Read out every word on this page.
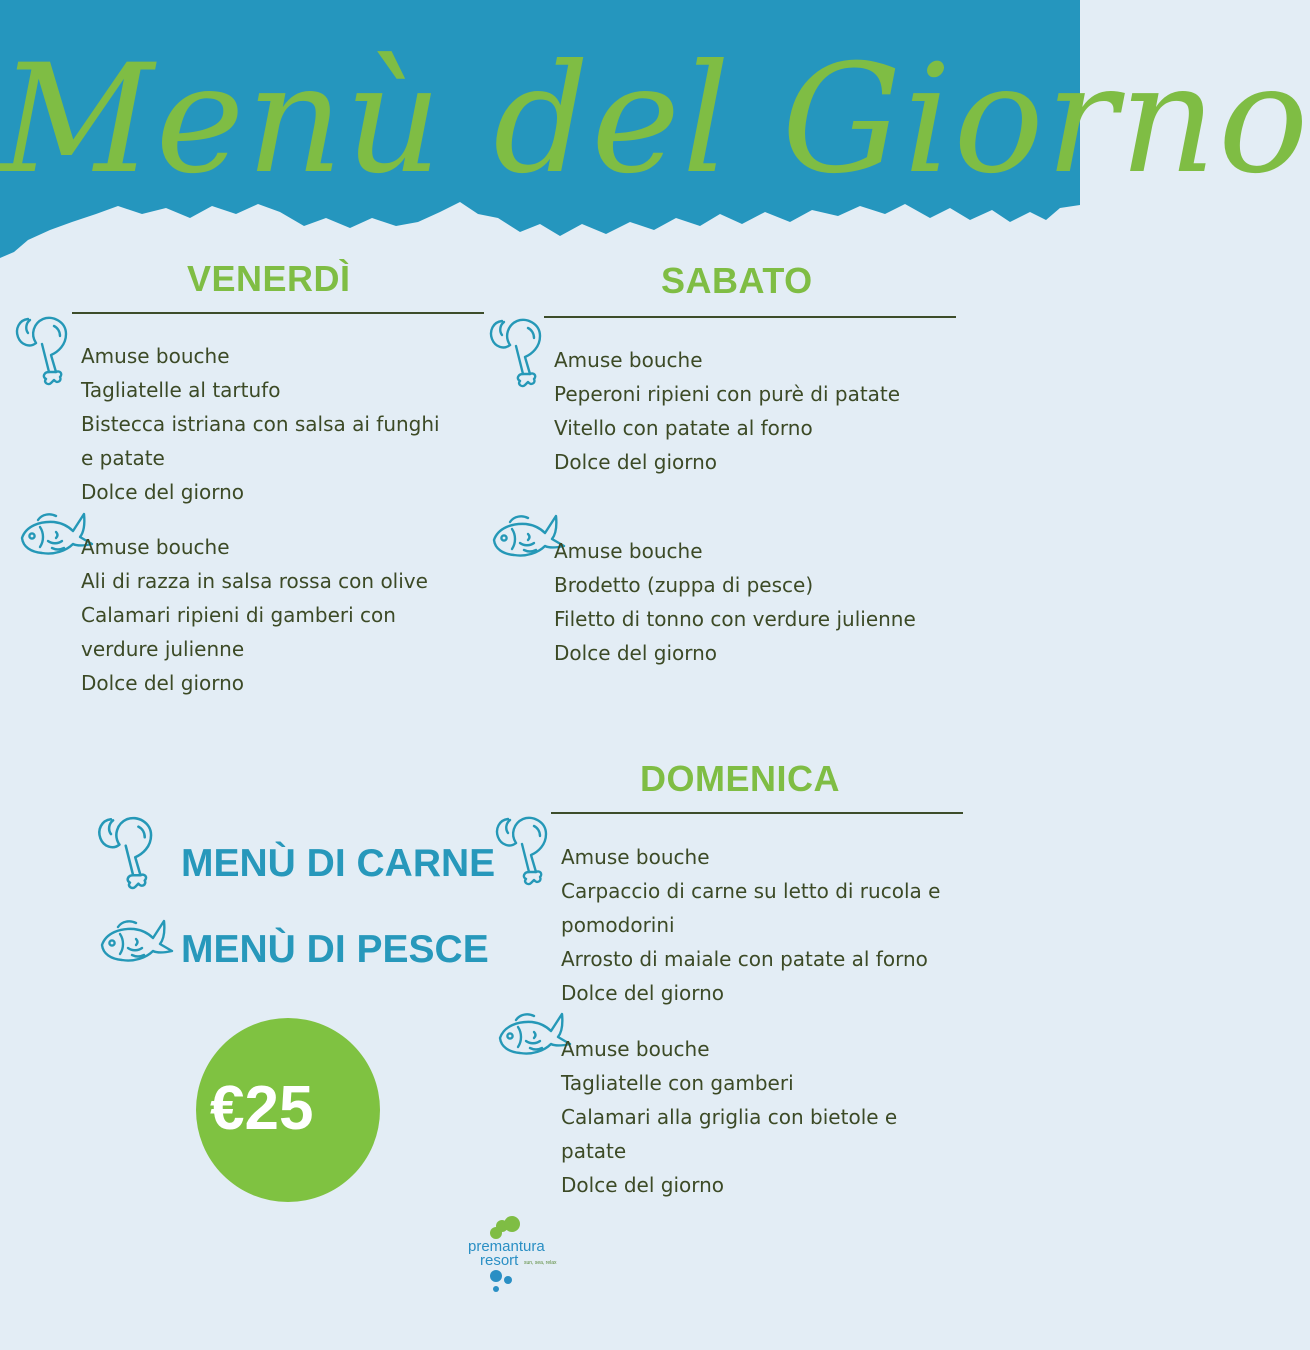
Menù del Giorno
VENERDÌ
Amuse bouche
Tagliatelle al tartufo
Bistecca istriana con salsa ai funghi
e patate
Dolce del giorno
Amuse bouche
Ali di razza in salsa rossa con olive
Calamari ripieni di gamberi con
verdure julienne
Dolce del giorno
SABATO
Amuse bouche
Peperoni ripieni con purè di patate
Vitello con patate al forno
Dolce del giorno
Amuse bouche
Brodetto (zuppa di pesce)
Filetto di tonno con verdure julienne
Dolce del giorno
DOMENICA
Amuse bouche
Carpaccio di carne su letto di rucola e
pomodorini
Arrosto di maiale con patate al forno
Dolce del giorno
Amuse bouche
Tagliatelle con gamberi
Calamari alla griglia con bietole e
patate
Dolce del giorno
MENÙ DI CARNE
MENÙ DI PESCE
€25
premantura
resort sun, sea, relax
